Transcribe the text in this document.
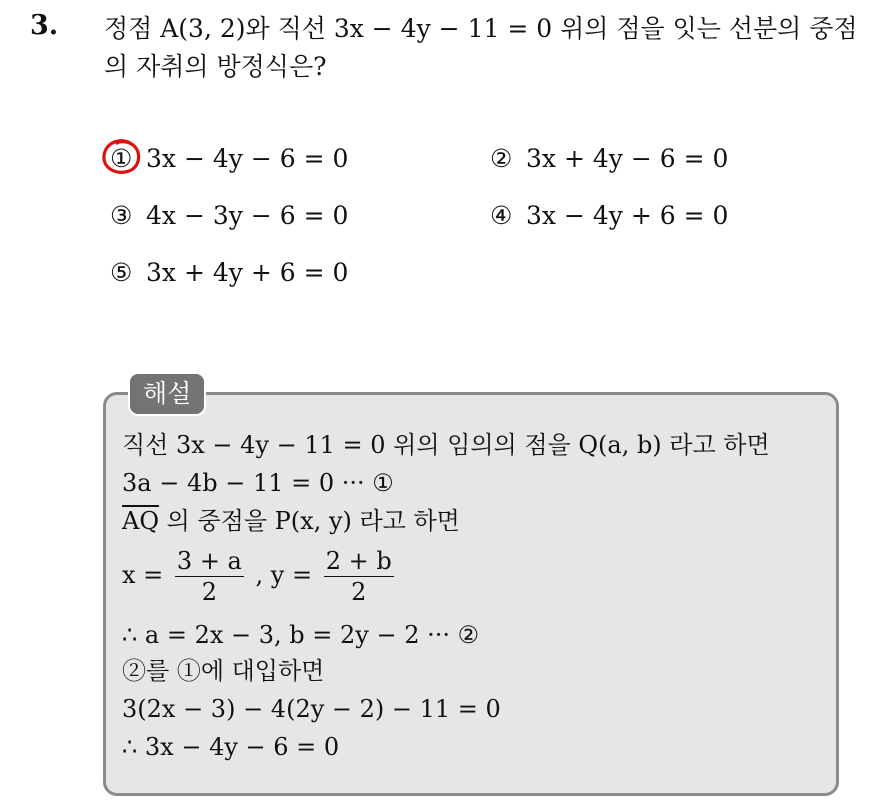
3. 정점 A(3, 2)와 직선 3x − 4y − 11 = 0 위의 점을 잇는 선분의 중점의 자취의 방정식은?
① 3x − 4y − 6 = 0	② 3x + 4y − 6 = 0
③ 4x − 3y − 6 = 0	④ 3x − 4y + 6 = 0
⑤ 3x + 4y + 6 = 0
해설
직선 3x − 4y − 11 = 0 위의 임의의 점을 Q(a, b) 라고 하면
3a − 4b − 11 = 0 ··· ①
$\overline{AQ}$ 의 중점을 P(x, y) 라고 하면
$x = \frac{3 + a}{2}$ , $y = \frac{2 + b}{2}$
∴ a = 2x − 3, b = 2y − 2 ··· ②
②를 ①에 대입하면
3(2x − 3) − 4(2y − 2) − 11 = 0
∴ 3x − 4y − 6 = 0
